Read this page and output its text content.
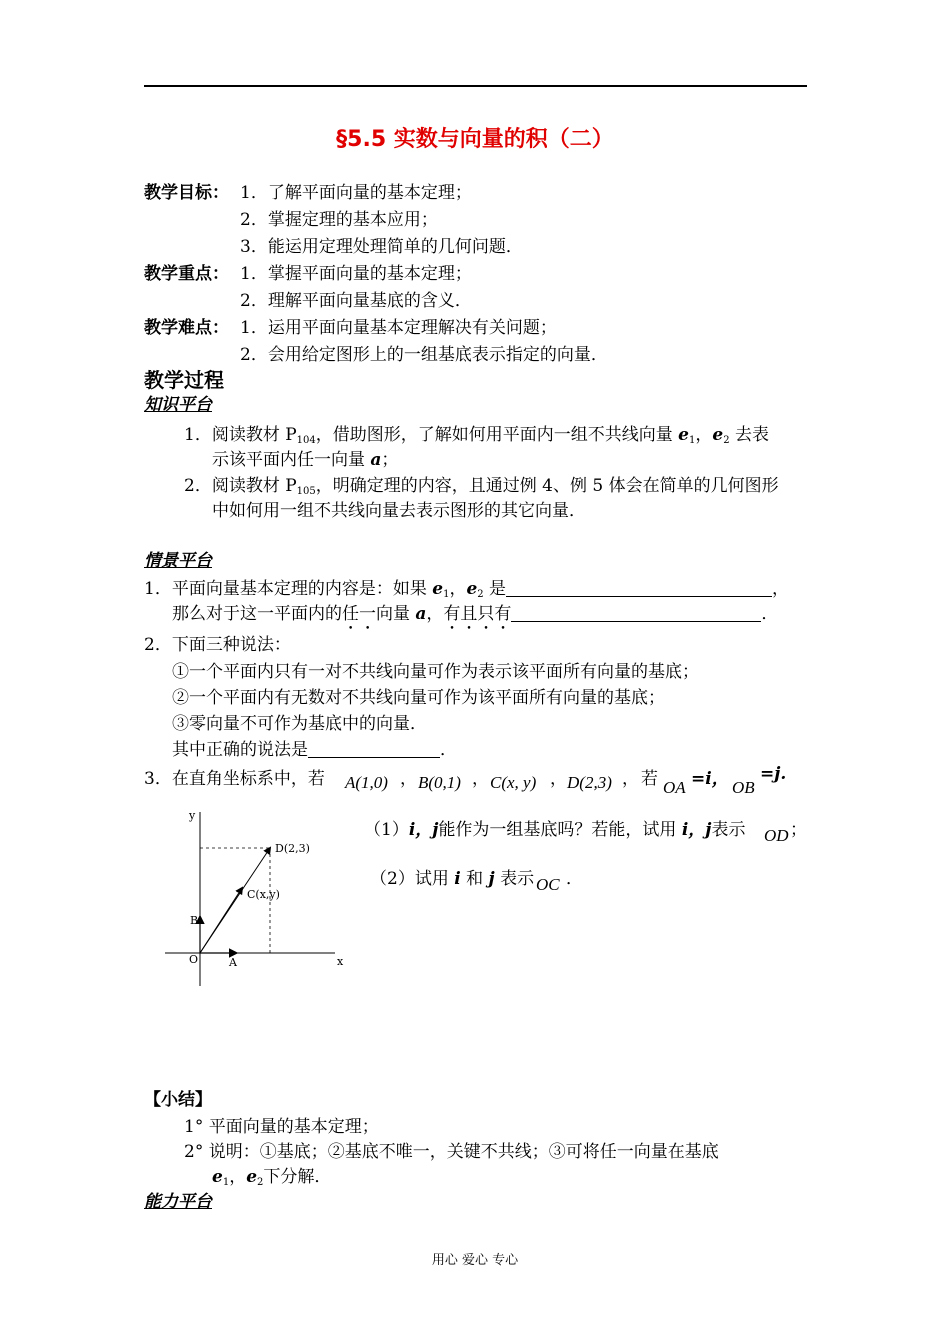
§5.5 实数与向量的积（二）
教学目标： 1．了解平面向量的基本定理；
2．掌握定理的基本应用；
3．能运用定理处理简单的几何问题．
教学重点： 1．掌握平面向量的基本定理；
2．理解平面向量基底的含义．
教学难点： 1．运用平面向量基本定理解决有关问题；
2．会用给定图形上的一组基底表示指定的向量．
教学过程
知识平台
1．阅读教材 $P_{104}$，借助图形，了解如何用平面内一组不共线向量 $e_1$，$e_2$ 去表
示该平面内任一向量 a；
2．阅读教材 $P_{105}$，明确定理的内容，且通过例 4、例 5 体会在简单的几何图形
中如何用一组不共线向量去表示图形的其它向量．
情景平台
1．平面向量基本定理的内容是：如果 $e_1$，$e_2$ 是	，
那么对于这一平面内的任一向量 a，有且只有	．
2．下面三种说法：
①一个平面内只有一对不共线向量可作为表示该平面所有向量的基底；
②一个平面内有无数对不共线向量可作为该平面所有向量的基底；
③零向量不可作为基底中的向量．
其中正确的说法是	．
3．在直角坐标系中，若 A(1,0) ， B(0,1) ， C(x, y) ， D(2,3) ， 若 OA =i， OB
=j.
（1）i，j能作为一组基底吗？若能，试用 i，j表示 OD ；
（2）试用 i 和 j 表示 OC ．
y
x
O	A
B
C(x,y)
D(2,3)
【小结】
1° 平面向量的基本定理；
2° 说明：①基底；②基底不唯一，关键不共线；③可将任一向量在基底
$e_1$，$e_2$下分解．
能力平台
用心 爱心 专心
